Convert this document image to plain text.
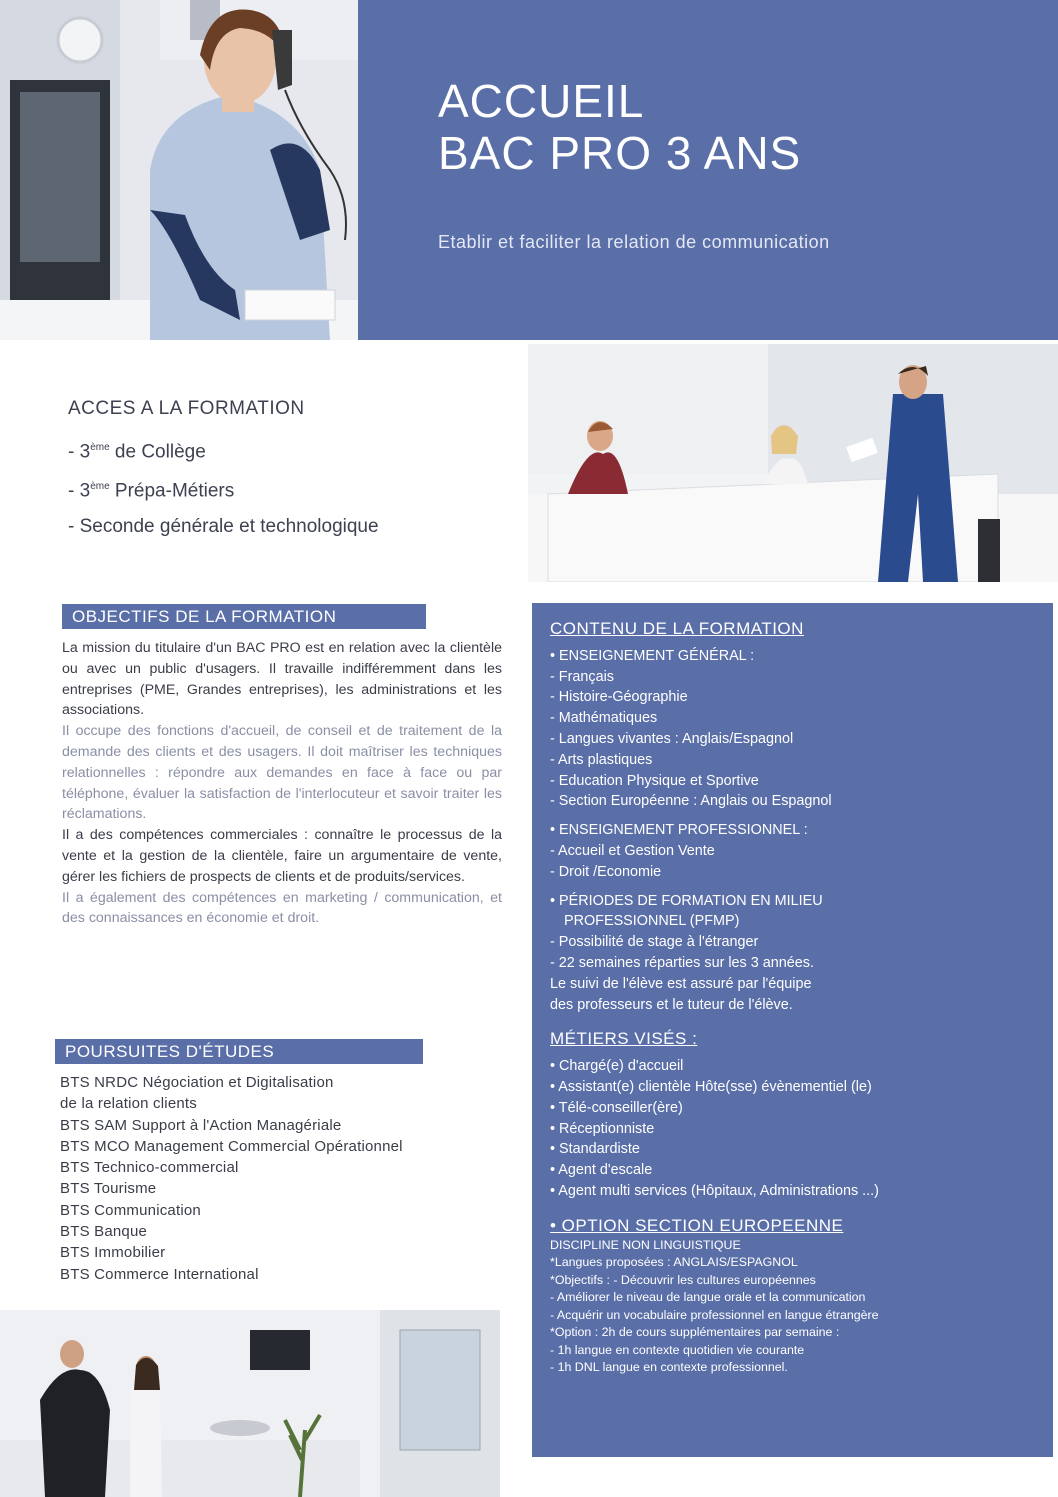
ACCUEIL
BAC PRO 3 ANS
Etablir et faciliter la relation de communication
ACCES A LA FORMATION
- 3ème de Collège
- 3ème Prépa-Métiers
- Seconde générale et technologique
OBJECTIFS DE LA FORMATION

La mission du titulaire d'un BAC PRO est en relation avec la clientèle ou avec un public d'usagers. Il travaille indifféremment dans les entreprises (PME, Grandes entreprises), les administrations et les associations.

Il occupe des fonctions d'accueil, de conseil et de traitement de la demande des clients et des usagers. Il doit maîtriser les techniques relationnelles : répondre aux demandes en face à face ou par téléphone, évaluer la satisfaction de l'interlocuteur et savoir traiter les réclamations.

Il a des compétences commerciales : connaître le processus de la vente et la gestion de la clientèle, faire un argumentaire de vente, gérer les fichiers de prospects de clients et de produits/services.

Il a également des compétences en marketing / communication, et des connaissances en économie et droit.

POURSUITES D'ÉTUDES
BTS NRDC Négociation et Digitalisation
de la relation clients
BTS SAM Support à l'Action Managériale
BTS MCO Management Commercial Opérationnel
BTS Technico-commercial
BTS Tourisme
BTS Communication
BTS Banque
BTS Immobilier
BTS Commerce International
CONTENU DE LA FORMATION
• ENSEIGNEMENT GÉNÉRAL :
- Français
- Histoire-Géographie
- Mathématiques
- Langues vivantes : Anglais/Espagnol
- Arts plastiques
- Education Physique et Sportive
- Section Européenne : Anglais ou Espagnol
• ENSEIGNEMENT PROFESSIONNEL :
- Accueil et Gestion Vente
- Droit /Economie
• PÉRIODES DE FORMATION EN MILIEU
PROFESSIONNEL (PFMP)
- Possibilité de stage à l'étranger
- 22 semaines réparties sur les 3 années.
Le suivi de l'élève est assuré par l'équipe
des professeurs et le tuteur de l'élève.
MÉTIERS VISÉS :
• Chargé(e) d'accueil
• Assistant(e) clientèle Hôte(sse) évènementiel (le)
• Télé-conseiller(ère)
• Réceptionniste
• Standardiste
• Agent d'escale
• Agent multi services (Hôpitaux, Administrations ...)
• OPTION SECTION EUROPEENNE
DISCIPLINE NON LINGUISTIQUE
*Langues proposées : ANGLAIS/ESPAGNOL
*Objectifs : - Découvrir les cultures européennes
- Améliorer le niveau de langue orale et la communication
- Acquérir un vocabulaire professionnel en langue étrangère
*Option : 2h de cours supplémentaires par semaine :
- 1h langue en contexte quotidien vie courante
- 1h DNL langue en contexte professionnel.
